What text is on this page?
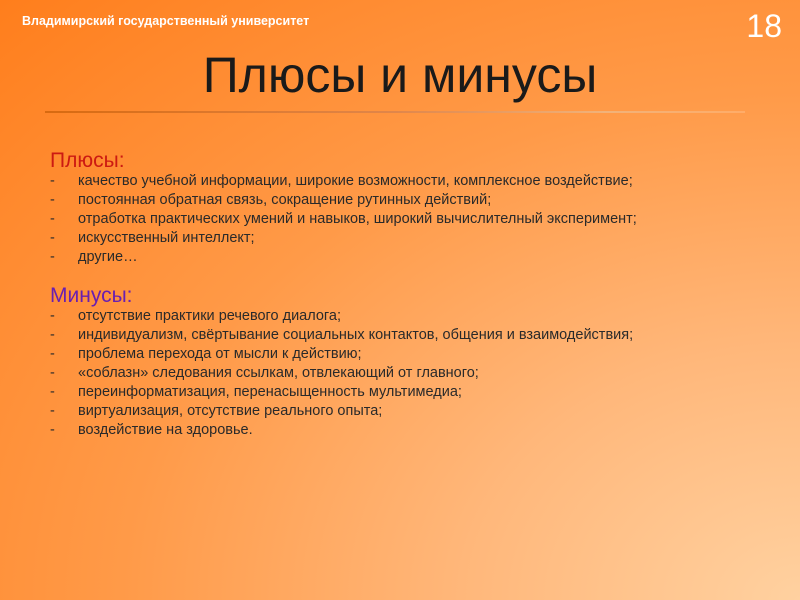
Владимирский государственный университет	18
Плюсы и минусы
Плюсы:
- качество учебной информации, широкие возможности, комплексное воздействие;
- постоянная обратная связь, сокращение рутинных действий;
- отработка практических умений и навыков, широкий вычислителный эксперимент;
- искусственный интеллект;
- другие…
Минусы:
- отсутствие практики речевого диалога;
- индивидуализм, свёртывание социальных контактов, общения и взаимодействия;
- проблема перехода от мысли к действию;
- «соблазн» следования ссылкам, отвлекающий от главного;
- переинформатизация, перенасыщенность мультимедиа;
- виртуализация, отсутствие реального опыта;
- воздействие на здоровье.
